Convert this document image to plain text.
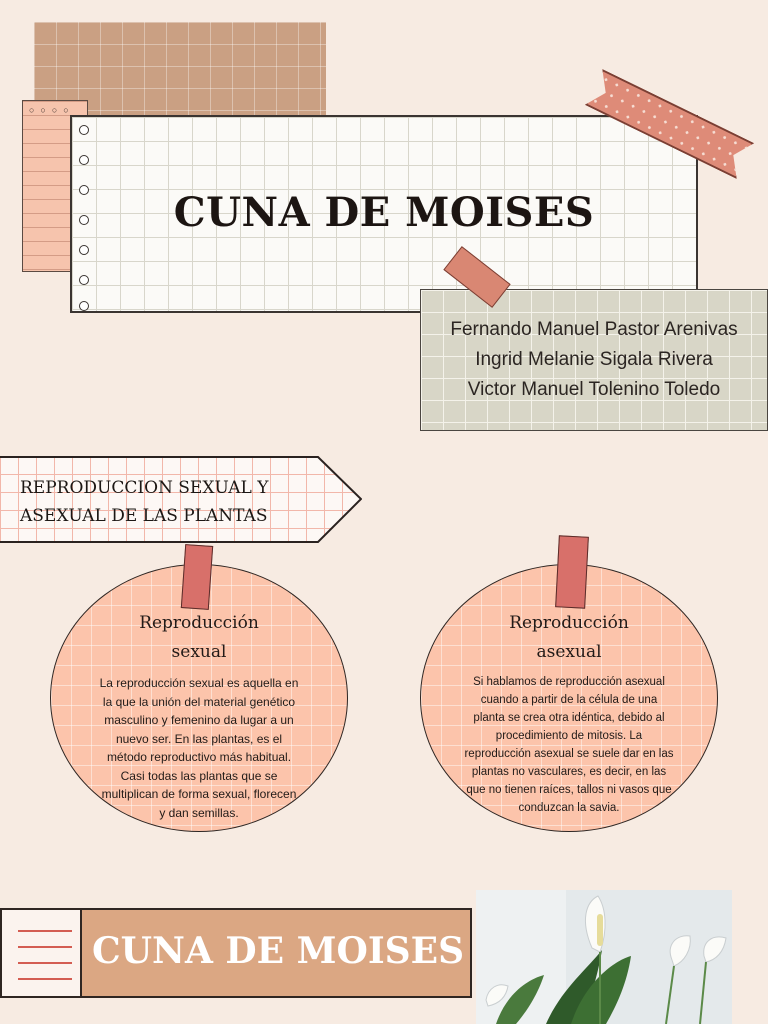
○○○○
CUNA DE MOISES
Fernando Manuel Pastor Arenivas
Ingrid Melanie Sigala Rivera
Victor Manuel Tolenino Toledo
REPRODUCCION SEXUAL Y
ASEXUAL DE LAS PLANTAS
Reproducción
sexual
La reproducción sexual es aquella en
la que la unión del material genético
masculino y femenino da lugar a un
nuevo ser. En las plantas, es el
método reproductivo más habitual.
Casi todas las plantas que se
multiplican de forma sexual, florecen
y dan semillas.
Reproducción
asexual
Si hablamos de reproducción asexual
cuando a partir de la célula de una
planta se crea otra idéntica, debido al
procedimiento de mitosis. La
reproducción asexual se suele dar en las
plantas no vasculares, es decir, en las
que no tienen raíces, tallos ni vasos que
conduzcan la savia.
CUNA DE MOISES
